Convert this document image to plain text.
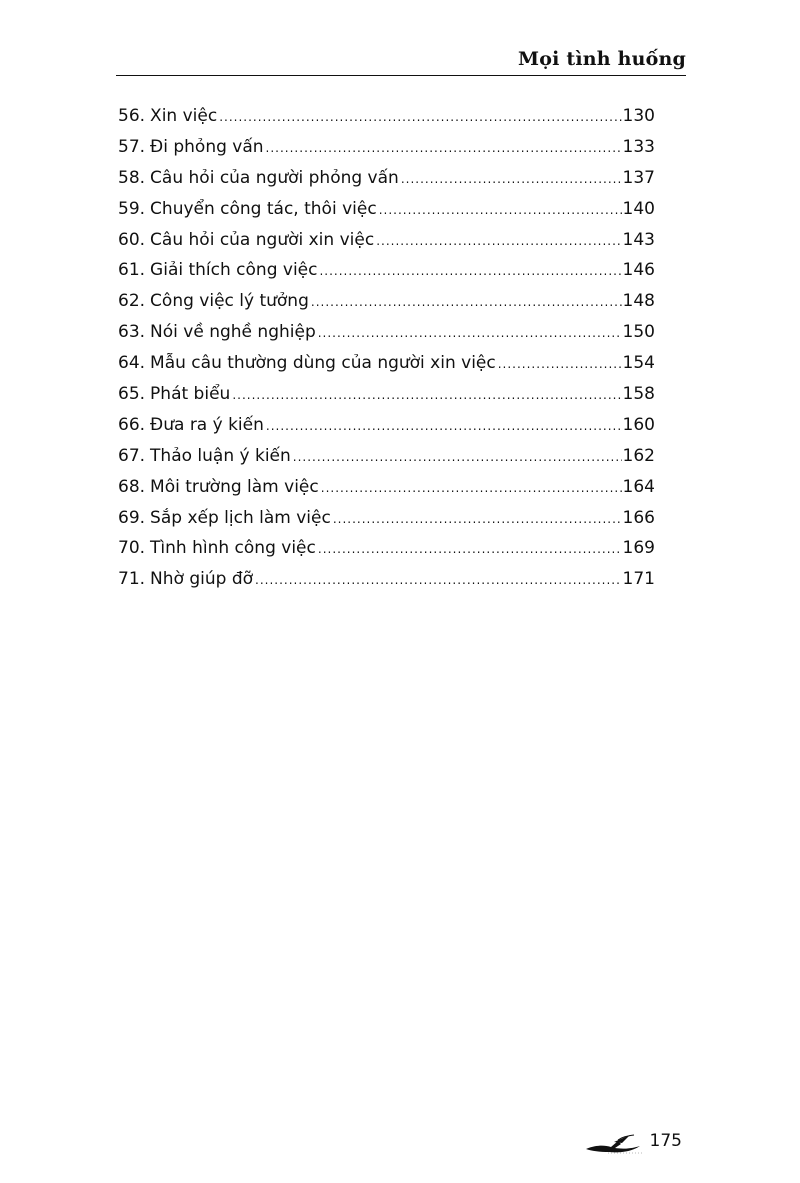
Mọi tình huống
56. Xin việc .....	130
57. Đi phỏng vấn .....	133
58. Câu hỏi của người phỏng vấn .....	137
59. Chuyển công tác, thôi việc .....	140
60. Câu hỏi của người xin việc .....	143
61. Giải thích công việc .....	146
62. Công việc lý tưởng .....	148
63. Nói về nghề nghiệp .....	150
64. Mẫu câu thường dùng của người xin việc .....	154
65. Phát biểu .....	158
66. Đưa ra ý kiến .....	160
67. Thảo luận ý kiến .....	162
68. Môi trường làm việc .....	164
69. Sắp xếp lịch làm việc .....	166
70. Tình hình công việc .....	169
71. Nhờ giúp đỡ .....	171
175
